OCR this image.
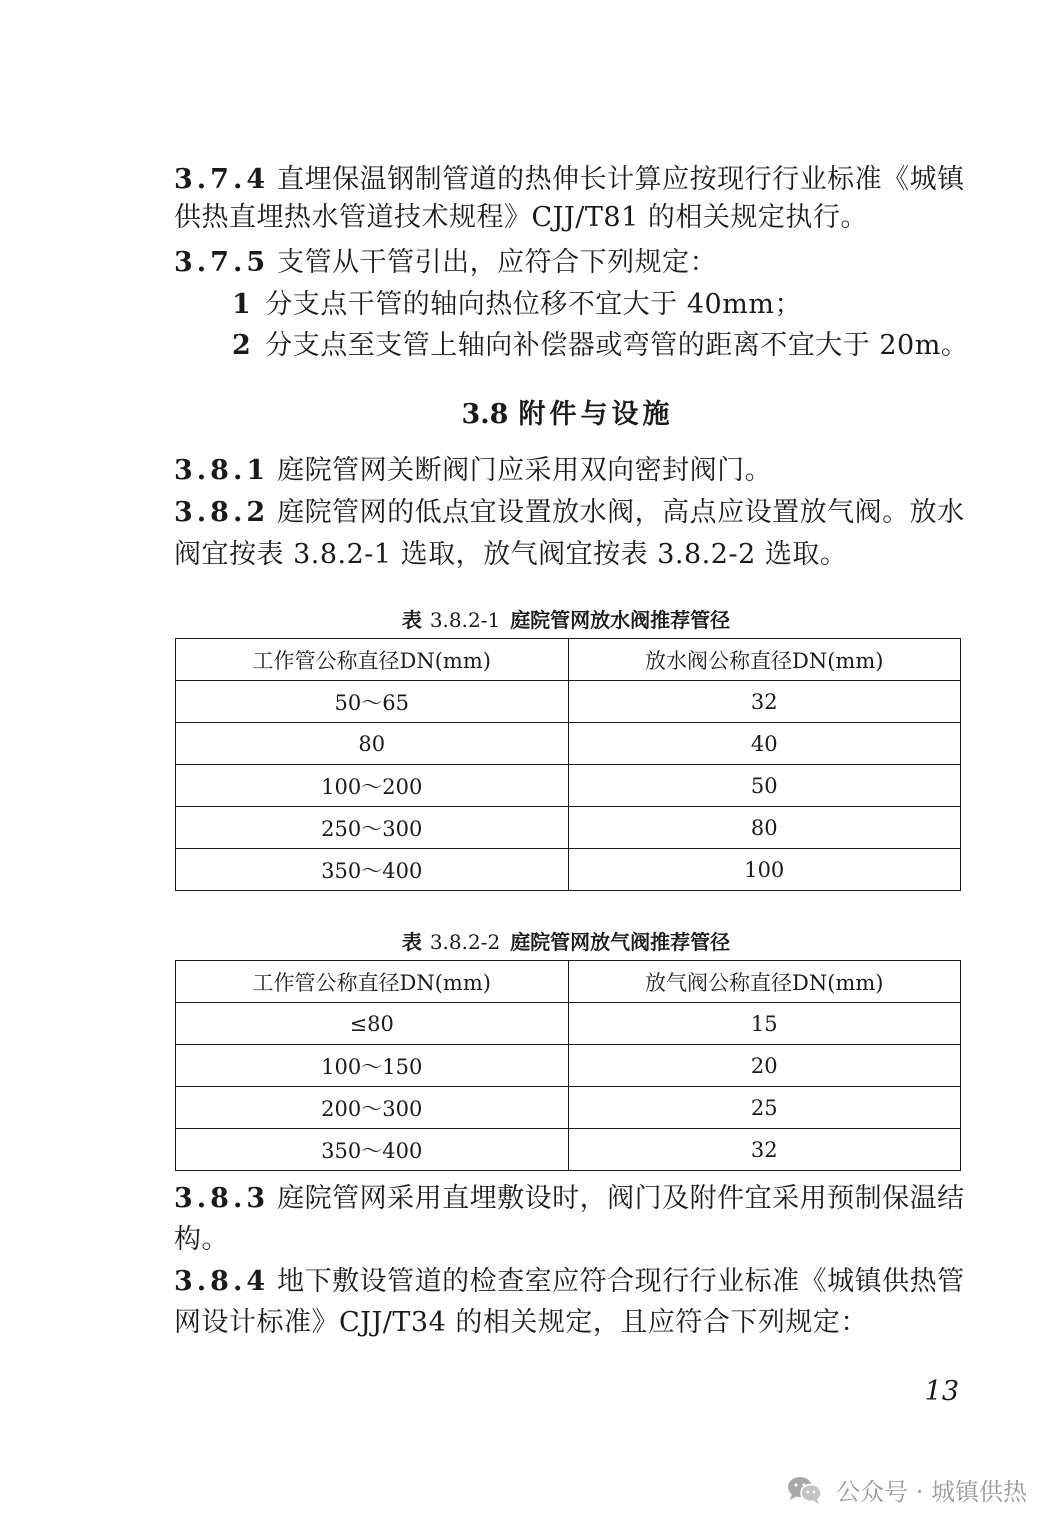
3.7.4 直埋保温钢制管道的热伸长计算应按现行行业标准《城镇

供热直埋热水管道技术规程》CJJ/T81 的相关规定执行。

3.7.5 支管从干管引出，应符合下列规定：

1 分支点干管的轴向热位移不宜大于 40mm；

2 分支点至支管上轴向补偿器或弯管的距离不宜大于 20m。

3.8 附件与设施

3.8.1 庭院管网关断阀门应采用双向密封阀门。

3.8.2 庭院管网的低点宜设置放水阀，高点应设置放气阀。放水

阀宜按表 3.8.2-1 选取，放气阀宜按表 3.8.2-2 选取。

表 3.8.2-1 庭院管网放水阀推荐管径
工作管公称直径DN(mm)	放水阀公称直径DN(mm)
50～65	32
80	40
100～200	50
250～300	80
350～400	100
表 3.8.2-2 庭院管网放气阀推荐管径
工作管公称直径DN(mm)	放气阀公称直径DN(mm)
≤80	15
100～150	20
200～300	25
350～400	32

3.8.3 庭院管网采用直埋敷设时，阀门及附件宜采用预制保温结

构。

3.8.4 地下敷设管道的检查室应符合现行行业标准《城镇供热管

网设计标准》CJJ/T34 的相关规定，且应符合下列规定：

13
公众号 · 城镇供热
